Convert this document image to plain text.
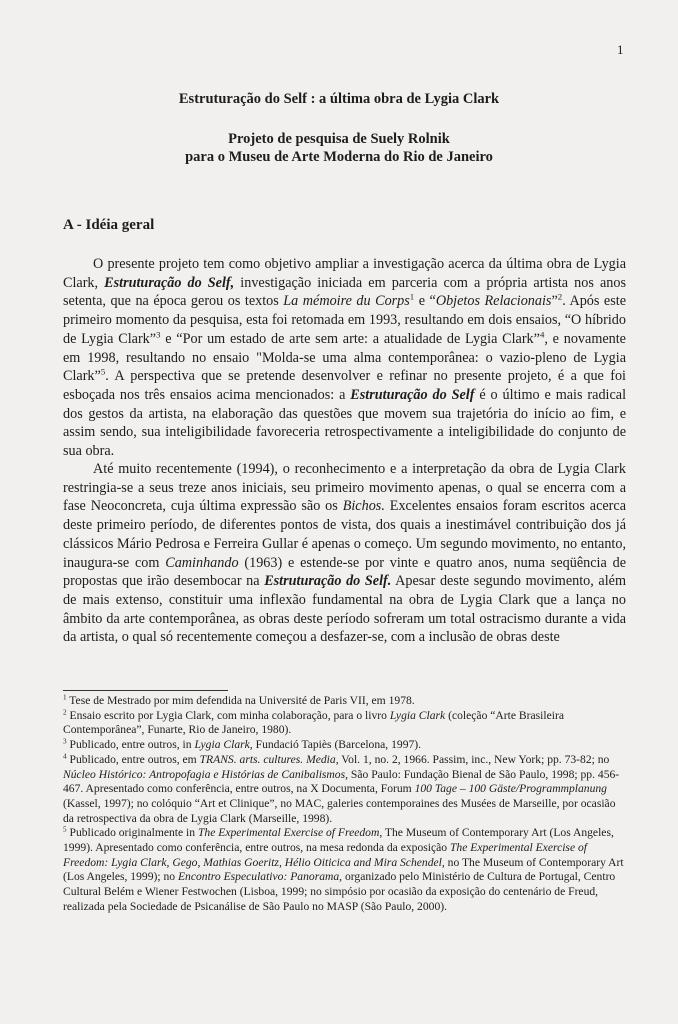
1
Estruturação do Self : a última obra de Lygia Clark
Projeto de pesquisa de Suely Rolnik
para o Museu de Arte Moderna do Rio de Janeiro
A - Idéia geral

O presente projeto tem como objetivo ampliar a investigação acerca da última obra de Lygia Clark, Estruturação do Self, investigação iniciada em parceria com a própria artista nos anos setenta, que na época gerou os textos La mémoire du Corps$^1$ e “Objetos Relacionais”$^2$. Após este primeiro momento da pesquisa, esta foi retomada em 1993, resultando em dois ensaios, “O híbrido de Lygia Clark”$^3$ e “Por um estado de arte sem arte: a atualidade de Lygia Clark”$^4$, e novamente em 1998, resultando no ensaio "Molda-se uma alma contemporânea: o vazio-pleno de Lygia Clark”$^5$. A perspectiva que se pretende desenvolver e refinar no presente projeto, é a que foi esboçada nos três ensaios acima mencionados: a Estruturação do Self é o último e mais radical dos gestos da artista, na elaboração das questões que movem sua trajetória do início ao fim, e assim sendo, sua inteligibilidade favoreceria retrospectivamente a inteligibilidade do conjunto de sua obra.

Até muito recentemente (1994), o reconhecimento e a interpretação da obra de Lygia Clark restringia-se a seus treze anos iniciais, seu primeiro movimento apenas, o qual se encerra com a fase Neoconcreta, cuja última expressão são os Bichos. Excelentes ensaios foram escritos acerca deste primeiro período, de diferentes pontos de vista, dos quais a inestimável contribuição dos já clássicos Mário Pedrosa e Ferreira Gullar é apenas o começo. Um segundo movimento, no entanto, inaugura-se com Caminhando (1963) e estende-se por vinte e quatro anos, numa seqüência de propostas que irão desembocar na Estruturação do Self. Apesar deste segundo movimento, além de mais extenso, constituir uma inflexão fundamental na obra de Lygia Clark que a lança no âmbito da arte contemporânea, as obras deste período sofreram um total ostracismo durante a vida da artista, o qual só recentemente começou a desfazer-se, com a inclusão de obras deste

$^1$ Tese de Mestrado por mim defendida na Université de Paris VII, em 1978.

$^2$ Ensaio escrito por Lygia Clark, com minha colaboração, para o livro Lygia Clark (coleção “Arte Brasileira Contemporânea”, Funarte, Rio de Janeiro, 1980).

$^3$ Publicado, entre outros, in Lygia Clark, Fundació Tapiès (Barcelona, 1997).

$^4$ Publicado, entre outros, em TRANS. arts. cultures. Media, Vol. 1, no. 2, 1966. Passim, inc., New York; pp. 73-82; no Núcleo Histórico: Antropofagia e Histórias de Canibalismos, São Paulo: Fundação Bienal de São Paulo, 1998; pp. 456-467. Apresentado como conferência, entre outros, na X Documenta, Forum 100 Tage – 100 Gäste/Programmplanung (Kassel, 1997); no colóquio “Art et Clinique”, no MAC, galeries contemporaines des Musées de Marseille, por ocasião da retrospectiva da obra de Lygia Clark (Marseille, 1998).

$^5$ Publicado originalmente in The Experimental Exercise of Freedom, The Museum of Contemporary Art (Los Angeles, 1999). Apresentado como conferência, entre outros, na mesa redonda da exposição The Experimental Exercise of Freedom: Lygia Clark, Gego, Mathias Goeritz, Hélio Oiticica and Mira Schendel, no The Museum of Contemporary Art (Los Angeles, 1999); no Encontro Especulativo: Panorama, organizado pelo Ministério de Cultura de Portugal, Centro Cultural Belém e Wiener Festwochen (Lisboa, 1999; no simpósio por ocasião da exposição do centenário de Freud, realizada pela Sociedade de Psicanálise de São Paulo no MASP (São Paulo, 2000).
